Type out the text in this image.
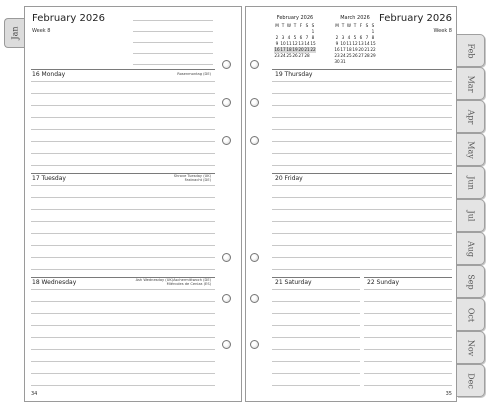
Jan
February 2026
Week 8
16 Monday	Rosenmontag (DE)
17 Tuesday	Shrove Tuesday (UK)
Fastnacht (DE)
18 Wednesday	Ash Wednesday (UK)Aschermittwoch (DE)
Miércoles de Ceniza (ES)
34
February 2026
Week 8
February 2026
M	T	W	T	F	S	S
						1
2	3	4	5	6	7	8
9	10	11	12	13	14	15
16	17	18	19	20	21	22
23	24	25	26	27	28	
March 2026
M	T	W	T	F	S	S
						1
2	3	4	5	6	7	8
9	10	11	12	13	14	15
16	17	18	19	20	21	22
23	24	25	26	27	28	29
30	31					
19 Thursday
20 Friday
21 Saturday	22 Sunday
35
Feb
Mar
Apr
May
Jun
Jul
Aug
Sep
Oct
Nov
Dec
